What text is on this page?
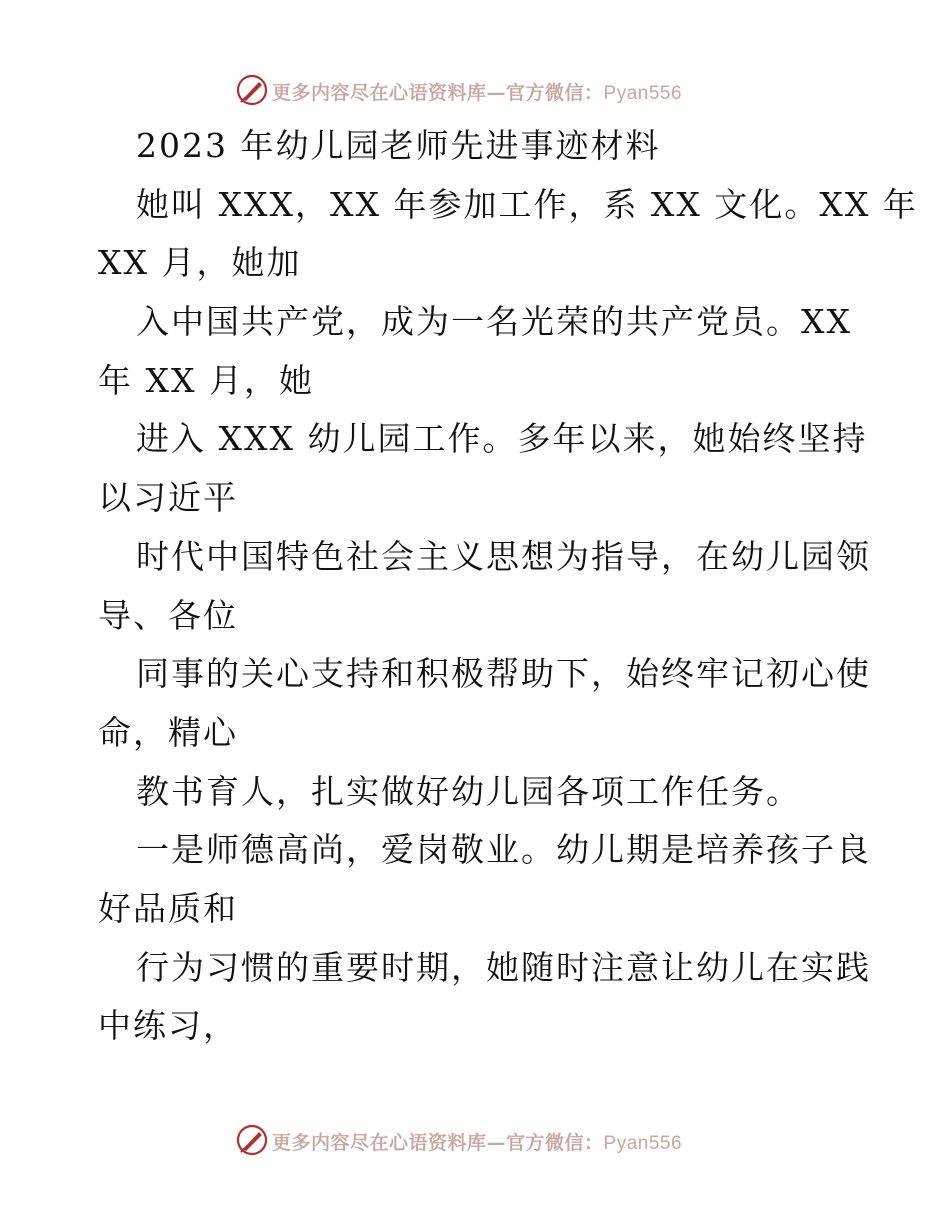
更多内容尽在心语资料库—官方微信：Pyan556
2023 年幼儿园老师先进事迹材料
她叫 XXX，XX 年参加工作，系 XX 文化。XX 年
XX 月，她加
入中国共产党，成为一名光荣的共产党员。XX
年 XX 月，她
进入 XXX 幼儿园工作。多年以来，她始终坚持
以习近平
时代中国特色社会主义思想为指导，在幼儿园领
导、各位
同事的关心支持和积极帮助下，始终牢记初心使
命，精心
教书育人，扎实做好幼儿园各项工作任务。
一是师德高尚，爱岗敬业。幼儿期是培养孩子良
好品质和
行为习惯的重要时期，她随时注意让幼儿在实践
中练习，
更多内容尽在心语资料库—官方微信：Pyan556
